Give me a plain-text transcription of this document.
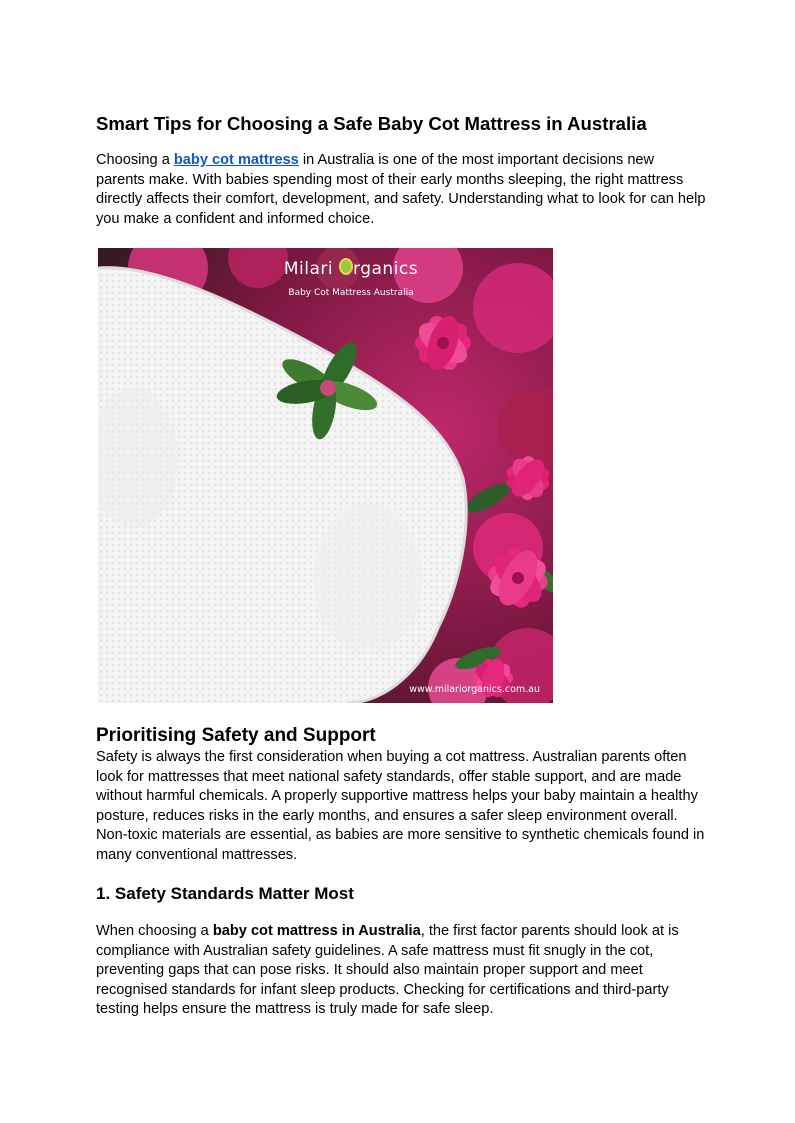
Smart Tips for Choosing a Safe Baby Cot Mattress in Australia

Choosing a baby cot mattress in Australia is one of the most important decisions new parents make. With babies spending most of their early months sleeping, the right mattress directly affects their comfort, development, and safety. Understanding what to look for can help you make a confident and informed choice.

Milari rganics
Baby Cot Mattress Australia
www.milariorganics.com.au
Prioritising Safety and Support

Safety is always the first consideration when buying a cot mattress. Australian parents often look for mattresses that meet national safety standards, offer stable support, and are made without harmful chemicals. A properly supportive mattress helps your baby maintain a healthy posture, reduces risks in the early months, and ensures a safer sleep environment overall. Non-toxic materials are essential, as babies are more sensitive to synthetic chemicals found in many conventional mattresses.

1. Safety Standards Matter Most

When choosing a baby cot mattress in Australia, the first factor parents should look at is compliance with Australian safety guidelines. A safe mattress must fit snugly in the cot, preventing gaps that can pose risks. It should also maintain proper support and meet recognised standards for infant sleep products. Checking for certifications and third-party testing helps ensure the mattress is truly made for safe sleep.
